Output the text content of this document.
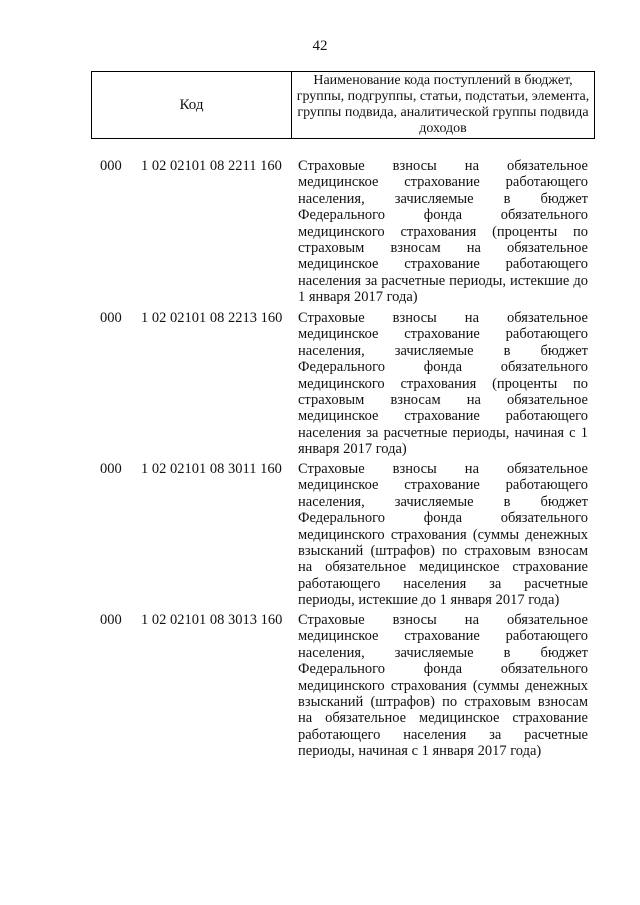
42
Код
Наименование кода поступлений в бюджет, группы, подгруппы, статьи, подстатьи, элемента, группы подвида, аналитической группы подвида доходов
000 1 02 02101 08 2211 160 Страховые взносы на обязательное медицинское страхование работающего населения, зачисляемые в бюджет Федерального фонда обязательного медицинского страхования (проценты по страховым взносам на обязательное медицинское страхование работающего населения за расчетные периоды, истекшие до 1 января 2017 года)
000 1 02 02101 08 2213 160 Страховые взносы на обязательное медицинское страхование работающего населения, зачисляемые в бюджет Федерального фонда обязательного медицинского страхования (проценты по страховым взносам на обязательное медицинское страхование работающего населения за расчетные периоды, начиная с 1 января 2017 года)
000 1 02 02101 08 3011 160 Страховые взносы на обязательное медицинское страхование работающего населения, зачисляемые в бюджет Федерального фонда обязательного медицинского страхования (суммы денежных взысканий (штрафов) по страховым взносам на обязательное медицинское страхование работающего населения за расчетные периоды, истекшие до 1 января 2017 года)
000 1 02 02101 08 3013 160 Страховые взносы на обязательное медицинское страхование работающего населения, зачисляемые в бюджет Федерального фонда обязательного медицинского страхования (суммы денежных взысканий (штрафов) по страховым взносам на обязательное медицинское страхование работающего населения за расчетные периоды, начиная с 1 января 2017 года)
